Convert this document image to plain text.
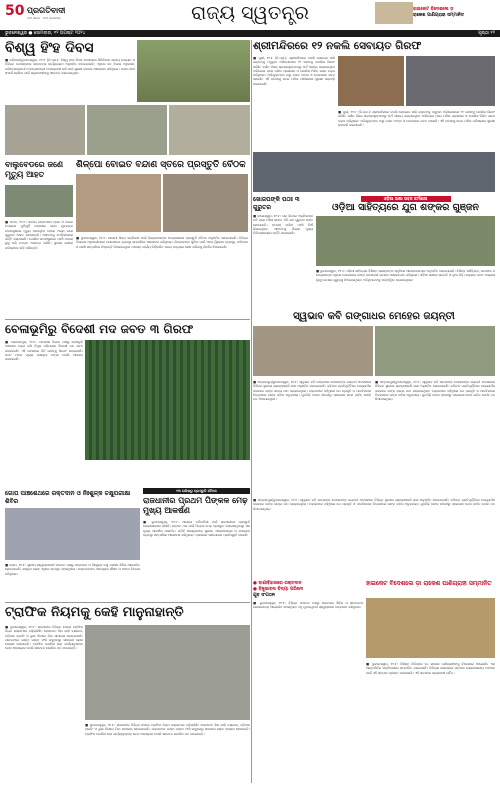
50 ପ୍ରଗତିବାଦୀ
ଆମ ସମାଜ · ଆମ ପ୍ରକାଶନ	ରାଜ୍ୟ ସ୍ୱତନ୍ତ୍ର	ହାଇକେଟ ବିଦେଶଲେ ଡ଼
ରାକେଶ ପାଣିଗ୍ରାହୀ ସମ୍ମାନିତ
ଭୁବନେଶ୍ୱର ● ସୋମବାର, ୧୨ ଅଗଷ୍ଟ ୨୦୨୪	ପୃଷ୍ଠା ୧୨
ବିଶ୍ୱ ହିଂହ ଦିବସ
■ ବାରିପଦା/ଭୁବନେଶ୍ୱର, ୧୧।୮ (ନି.ପ୍ର.): ବିଶ୍ୱ ହାତୀ ଦିବସ ଅବସରରେ ସିମିଳିପାଳ ଜାତୀୟ ଉଦ୍ୟାନ ଓ ବିଭିନ୍ନ ବନଖଣ୍ଡରେ ସଚେତନତା କାର୍ଯ୍ୟକ୍ରମ ଅନୁଷ୍ଠିତ ହୋଇଯାଇଛି। ଏଥିରେ ବନ ବିଭାଗ ଅଧିକାରୀ, ପରିବେଶପ୍ରେମୀ ଓ ଛାତ୍ରଛାତ୍ରୀ ଅଂଶଗ୍ରହଣ କରି ହାତୀ ସୁରକ୍ଷା ଉପରେ ଆଲୋଚନା କରିଥିଲେ। ମାନବ-ହାତୀ ସଂଘର୍ଷ ରୋକିବା ପାଇଁ ଗ୍ରାମବାସୀଙ୍କୁ ସଚେତନ କରାଯାଇଥିଲା।
ଶ୍ରୀମନ୍ଦିରରେ ୧୨ ନକଲି ସେବାୟତ ଗିରଫ
■ ପୁରୀ, ୧୧।୮ (ନି.ପ୍ର.): ଶ୍ରୀମନ୍ଦିରରେ ନକଲି ସେବାୟତ ସାଜି ଭକ୍ତଙ୍କୁ ଠକୁଥିବା ଅଭିଯୋଗରେ ୧୨ ଜଣଙ୍କୁ ପୋଲିସ ଗିରଫ କରିଛି। ଦର୍ଶନ ନାଁରେ ଶ୍ରଦ୍ଧାଳୁଙ୍କଠାରୁ ଅର୍ଥ ଆଦାୟ କରାଯାଉଥିବା ଅଭିଯୋଗ ପରେ ମନ୍ଦିର ପ୍ରଶାସନ ଓ ପୋଲିସ ମିଳିତ ଭାବେ ଚଢ଼ଉ କରିଥିଲେ। ଅଭିଯୁକ୍ତଙ୍କ ଠାରୁ ନଗଦ ଟଙ୍କା ଓ ମୋବାଇଲ ଜବତ ହୋଇଛି। ଏହି ଘଟଣାକୁ ନେଇ ମନ୍ଦିର ପରିସରରେ ସୁରକ୍ଷା କଡ଼ାକଡ଼ି କରାଯାଇଛି।
■ ପୁରୀ, ୧୧।୮ (ନି.ପ୍ର.): ଶ୍ରୀମନ୍ଦିରରେ ନକଲି ସେବାୟତ ସାଜି ଭକ୍ତଙ୍କୁ ଠକୁଥିବା ଅଭିଯୋଗରେ ୧୨ ଜଣଙ୍କୁ ପୋଲିସ ଗିରଫ କରିଛି। ଦର୍ଶନ ନାଁରେ ଶ୍ରଦ୍ଧାଳୁଙ୍କଠାରୁ ଅର୍ଥ ଆଦାୟ କରାଯାଉଥିବା ଅଭିଯୋଗ ପରେ ମନ୍ଦିର ପ୍ରଶାସନ ଓ ପୋଲିସ ମିଳିତ ଭାବେ ଚଢ଼ଉ କରିଥିଲେ। ଅଭିଯୁକ୍ତଙ୍କ ଠାରୁ ନଗଦ ଟଙ୍କା ଓ ମୋବାଇଲ ଜବତ ହୋଇଛି। ଏହି ଘଟଣାକୁ ନେଇ ମନ୍ଦିର ପରିସରରେ ସୁରକ୍ଷା କଡ଼ାକଡ଼ି କରାଯାଇଛି।
ବାଲୁବେଡରେ ଜଣେ ମୃତ୍ୟୁ ଆହତ
■ କଟକ, ୧୧।୮: ଜାତୀୟ ରାଜପଥରେ ଟ୍ରକ ଓ ବାଇକ ମଧ୍ୟରେ ମୁହାଁମୁହିଁ ଧକ୍କାରେ ଜଣେ ଯୁବକଙ୍କ ଘଟଣାସ୍ଥଳରେ ମୃତ୍ୟୁ ହୋଇଥିବା ବେଳେ ଅନ୍ୟ ଜଣେ ଗୁରୁତର ଆହତ ହୋଇଛନ୍ତି। ଆହତଙ୍କୁ ମେଡିକାଲରେ ଭର୍ତ୍ତି କରାଯାଇଛି। ପୋଲିସ ଘଟଣାସ୍ଥଳରେ ପହଞ୍ଚି ମାମଲା ରୁଜୁ କରି ତଦନ୍ତ ଆରମ୍ଭ କରିଛି। ସ୍ଥାନୀୟ ଲୋକେ ଗତିରୋଧକ ଦାବି କରିଛନ୍ତି।
ଶିଳ୍ପୋ ବୋଇତ ବନ୍ଦାଣ ସ୍ତରେ ପ୍ରସ୍ତୁତି ବୈଠକ
■ ଭୁବନେଶ୍ୱର, ୧୧।୮: ଆଗାମୀ ଶିଳ୍ପ ସମ୍ମିଳନୀ ପାଇଁ ଜିଲ୍ଲାପାଳଙ୍କ ଅଧ୍ୟକ୍ଷତାରେ ପ୍ରସ୍ତୁତି ବୈଠକ ଅନୁଷ୍ଠିତ ହୋଇଯାଇଛି। ବିଭିନ୍ନ ବିଭାଗର ଅଧିକାରୀମାନେ ଯୋଗଦେଇ ବ୍ୟବସ୍ଥା ସମ୍ପର୍କରେ ଆଲୋଚନା କରିଥିଲେ। ନିବେଶକଙ୍କ ସୁବିଧା ପାଇଁ ଏକକ ୱିଣ୍ଡୋ ବ୍ୟବସ୍ଥା, ପରିବହନ ଓ ରହଣି ସମ୍ପର୍କରେ ନିଷ୍ପତ୍ତି ନିଆଯାଇଥିଲା। ସମସ୍ତ କାର୍ଯ୍ୟ ନିର୍ଦ୍ଧାରିତ ସମୟ ମଧ୍ୟରେ ଶେଷ କରିବାକୁ ନିର୍ଦ୍ଦେଶ ଦିଆଯାଇଛି।
ଖୋଜପଙ୍କି ପଠଃ ୩ ଗୁରୁତର
■ ବାଲେଶ୍ୱର, ୧୧।୮: ଘର ଭିତରେ ଅଗ୍ନିକାଣ୍ଡ ଘଟି ଜଣେ ମହିଳା ସମେତ ତିନି ଜଣ ଗୁରୁତର ଆହତ ହୋଇଛନ୍ତି। ଦମକଳ ବାହିନୀ ପହଞ୍ଚି ନିଆଁ ଲିଭାଇଥିଲା। ଆହତଙ୍କୁ ଜିଲ୍ଲା ମୁଖ୍ୟ ଚିକିତ୍ସାଳୟରେ ଭର୍ତ୍ତି କରାଯାଇଛି।
ଓଡ଼ିଆ ଭାଷା ଭବନ କର୍ମଶାଳା
ଓଡ଼ିଆ ସାହିତ୍ୟରେ ଯୁଗ ଶଙ୍କର ଗୁଞ୍ଜନ
■ ଭୁବନେଶ୍ୱର, ୧୧।୮: ଓଡ଼ିଆ ସାହିତ୍ୟର ବିଶିଷ୍ଟ ସ୍ରଷ୍ଟାଙ୍କ ସ୍ମୃତିରେ ଆଲୋଚନାଚକ୍ର ଅନୁଷ୍ଠିତ ହୋଇଯାଇଛି। ବିଶିଷ୍ଟ ସାହିତ୍ୟିକ, ଗବେଷକ ଓ ଛାତ୍ରଛାତ୍ରୀ ଏଥିରେ ଯୋଗଦେଇ ତାଙ୍କ ରଚନାବଳୀ ଉପରେ ଆଲୋକପାତ କରିଥିଲେ। ଓଡ଼ିଆ ଭାଷାର ଉନ୍ନତି ଓ ନୂଆ ପିଢ଼ି ମଧ୍ୟରେ ପଠନ ଅଭ୍ୟାସ ବୃଦ୍ଧି ଉପରେ ଗୁରୁତ୍ୱ ଦିଆଯାଇଥିଲା। ଅତିଥିମାନଙ୍କୁ ସମ୍ବର୍ଦ୍ଧିତ କରାଯାଇଥିଲା।
ବେଳାଭୂମିରୁ ବିଦେଶୀ ମଦ ଜବତ ୩ ଗିରଫ
■ ଗୋପାଳପୁର, ୧୧।୮: ଅବକାରୀ ବିଭାଗ ପକ୍ଷରୁ ବେଳାଭୂମି ଅଞ୍ଚଳରେ ଚଢ଼ଉ କରି ବିପୁଳ ପରିମାଣର ବିଦେଶୀ ମଦ ଜବତ କରାଯାଇଛି। ଏହି ଘଟଣାରେ ତିନି ଜଣଙ୍କୁ ଗିରଫ କରାଯାଇଛି। ଜବତ ମଦର ମୂଲ୍ୟ ଲକ୍ଷାଧିକ ଟଙ୍କା ବୋଲି ଆକଳନ କରାଯାଇଛି।
ସ୍ୱଭାବ କବି ଗଙ୍ଗାଧର ମେହେର ଜୟନ୍ତୀ
■ ସମ୍ବଲପୁର/ଭୁବନେଶ୍ୱର, ୧୧।୮: ସ୍ୱଭାବ କବି ଗଙ୍ଗାଧର ମେହେରଙ୍କ ଜୟନ୍ତୀ ଅବସରରେ ବିଭିନ୍ନ ସ୍ଥାନରେ ଶ୍ରଦ୍ଧାଞ୍ଜଳି ସଭା ଅନୁଷ୍ଠିତ ହୋଇଯାଇଛି। କବିଙ୍କ ପ୍ରତିମୂର୍ତ୍ତିରେ ମାଲ୍ୟାର୍ପଣ କରାଯାଇ ତାଙ୍କ କାବ୍ୟ ପାଠ କରାଯାଇଥିଲା। ବକ୍ତାମାନେ କହିଥିଲେ ଯେ ପ୍ରକୃତି ଓ ମାନବିକତାର ଚିତ୍ରଣରେ ତାଙ୍କ କବିତା ଅତୁଳନୀୟ। ଯୁବପିଢ଼ି ତାଙ୍କ ଜୀବନୀରୁ ପ୍ରେରଣା ନେବା ଉଚିତ ବୋଲି ମତ ଦିଆଯାଇଥିଲା।
■ ସମ୍ବଲପୁର/ଭୁବନେଶ୍ୱର, ୧୧।୮: ସ୍ୱଭାବ କବି ଗଙ୍ଗାଧର ମେହେରଙ୍କ ଜୟନ୍ତୀ ଅବସରରେ ବିଭିନ୍ନ ସ୍ଥାନରେ ଶ୍ରଦ୍ଧାଞ୍ଜଳି ସଭା ଅନୁଷ୍ଠିତ ହୋଇଯାଇଛି। କବିଙ୍କ ପ୍ରତିମୂର୍ତ୍ତିରେ ମାଲ୍ୟାର୍ପଣ କରାଯାଇ ତାଙ୍କ କାବ୍ୟ ପାଠ କରାଯାଇଥିଲା। ବକ୍ତାମାନେ କହିଥିଲେ ଯେ ପ୍ରକୃତି ଓ ମାନବିକତାର ଚିତ୍ରଣରେ ତାଙ୍କ କବିତା ଅତୁଳନୀୟ। ଯୁବପିଢ଼ି ତାଙ୍କ ଜୀବନୀରୁ ପ୍ରେରଣା ନେବା ଉଚିତ ବୋଲି ମତ ଦିଆଯାଇଥିଲା।
ଗୋପ ପାଞ୍ଚଶେଥରେ ରକ୍ତଦାନ ଓ ନିଃଶୁଳ୍କ ଚକ୍ଷୁପରୀକ୍ଷା ଶିବିର
■ ଗୋପ, ୧୧।୮: ସ୍ଥାନୀୟ ସ୍ୱେଚ୍ଛାସେବୀ ସଂଗଠନ ପକ୍ଷରୁ ରକ୍ତଦାନ ଓ ନିଃଶୁଳ୍କ ଚକ୍ଷୁ ପରୀକ୍ଷା ଶିବିର ଆୟୋଜିତ ହୋଇଯାଇଛି। ଶତାଧିକ ଲୋକ ଏଥିରେ ଉପକୃତ ହୋଇଥିଲେ। ଡାକ୍ତରମାନେ ଆବଶ୍ୟକ ଔଷଧ ଓ ଚଷମା ବିତରଣ କରିଥିଲେ।
୧୩ ତାରିଖରୁ ପ୍ରସ୍ତୁତି ବୈଠକ
ରାଜଧାନୀର ପ୍ରଥମ ପିଙ୍କଳ ମେଢ଼ ମୁଖ୍ୟ ଆକର୍ଷଣ
■ ଭୁବନେଶ୍ୱର, ୧୧।୮: ଆସନ୍ତା ପର୍ବପର୍ବାଣୀ ପାଇଁ ରାଜଧାନୀରେ ପ୍ରସ୍ତୁତି ଜୋରସୋରରେ ଚାଲିଛି। ପ୍ରଥମ ଥର ପାଇଁ ପିତ୍ତଳ ମେଢ଼ ପ୍ରସ୍ତୁତ କରାଯାଉଥିବାରୁ ଏହା ମୁଖ୍ୟ ଆକର୍ଷଣ ପାଲଟିବ। କମିଟି ସଦସ୍ୟମାନେ ସୁରକ୍ଷା, ଆଲୋକସଜ୍ଜା ଓ ଯାତାୟାତ ବ୍ୟବସ୍ଥା ସମ୍ପର୍କରେ ଆଲୋଚନା କରିଥିଲେ। ପ୍ରଶାସନ ସହଯୋଗର ପ୍ରତିଶ୍ରୁତି ଦେଇଛି।
■ ସମ୍ବଲପୁର/ଭୁବନେଶ୍ୱର, ୧୧।୮: ସ୍ୱଭାବ କବି ଗଙ୍ଗାଧର ମେହେରଙ୍କ ଜୟନ୍ତୀ ଅବସରରେ ବିଭିନ୍ନ ସ୍ଥାନରେ ଶ୍ରଦ୍ଧାଞ୍ଜଳି ସଭା ଅନୁଷ୍ଠିତ ହୋଇଯାଇଛି। କବିଙ୍କ ପ୍ରତିମୂର୍ତ୍ତିରେ ମାଲ୍ୟାର୍ପଣ କରାଯାଇ ତାଙ୍କ କାବ୍ୟ ପାଠ କରାଯାଇଥିଲା। ବକ୍ତାମାନେ କହିଥିଲେ ଯେ ପ୍ରକୃତି ଓ ମାନବିକତାର ଚିତ୍ରଣରେ ତାଙ୍କ କବିତା ଅତୁଳନୀୟ। ଯୁବପିଢ଼ି ତାଙ୍କ ଜୀବନୀରୁ ପ୍ରେରଣା ନେବା ଉଚିତ ବୋଲି ମତ ଦିଆଯାଇଥିଲା।
ଟ୍ରାଫିକ ନିୟମକୁ କେହି ମାନୁନାହାନ୍ତି
■ ଭୁବନେଶ୍ୱର, ୧୧।୮: ରାଜଧାନୀର ବିଭିନ୍ନ ଛକରେ ଟ୍ରାଫିକ ନିୟମ ଉଲ୍ଲଂଘନ ବଢ଼ିଚାଲିଛି। ହେଲମେଟ ବିନା ଗାଡ଼ି ଚଳାଇବା, ଟ୍ରିପଲ ରାଇଡିଂ ଓ ଭୁଲ ଦିଗରେ ଯିବା ସାଧାରଣ ହୋଇଯାଇଛି। ଯାନଜଟରେ ଘଣ୍ଟା ଘଣ୍ଟା ଫସି ରହୁଥିବାରୁ ସାଧାରଣ ଲୋକ ହଇରାଣ ହେଉଛନ୍ତି। ଟ୍ରାଫିକ ପୋଲିସ କଡ଼ା କାର୍ଯ୍ୟାନୁଷ୍ଠାନ ନେବା ଆବଶ୍ୟକ ବୋଲି ସଚେତନ ନାଗରିକ ମତ ଦେଇଛନ୍ତି।
■ ଭୁବନେଶ୍ୱର, ୧୧।୮: ରାଜଧାନୀର ବିଭିନ୍ନ ଛକରେ ଟ୍ରାଫିକ ନିୟମ ଉଲ୍ଲଂଘନ ବଢ଼ିଚାଲିଛି। ହେଲମେଟ ବିନା ଗାଡ଼ି ଚଳାଇବା, ଟ୍ରିପଲ ରାଇଡିଂ ଓ ଭୁଲ ଦିଗରେ ଯିବା ସାଧାରଣ ହୋଇଯାଇଛି। ଯାନଜଟରେ ଘଣ୍ଟା ଘଣ୍ଟା ଫସି ରହୁଥିବାରୁ ସାଧାରଣ ଲୋକ ହଇରାଣ ହେଉଛନ୍ତି। ଟ୍ରାଫିକ ପୋଲିସ କଡ଼ା କାର୍ଯ୍ୟାନୁଷ୍ଠାନ ନେବା ଆବଶ୍ୟକ ବୋଲି ସଚେତନ ନାଗରିକ ମତ ଦେଇଛନ୍ତି।
● ବାଣୀବିହାରରେ ରକ୍ତଦାନ
● ବିଜୁଭାବନା ବିଦ୍ୟା ପରିଷଦ
ଯୁବ ସଂଗଠନ
■ ଭୁବନେଶ୍ୱର, ୧୧।୮: ବିଭିନ୍ନ ସଂଗଠନ ପକ୍ଷରୁ ରକ୍ତଦାନ ଶିବିର ଓ ସଚେତନତା ଶୋଭାଯାତ୍ରା ଆୟୋଜିତ ହୋଇଥିଲା। ବହୁ ଯୁବକଯୁବତୀ ସ୍ୱେଚ୍ଛାରେ ରକ୍ତଦାନ କରିଥିଲେ।
ହାଇକେଟ ବିଦେଶଲେ ଡ଼ା ରାକେଶ ପାଣିଗ୍ରାହୀ ସମ୍ମାନିତ
■ ଭୁବନେଶ୍ୱର, ୧୧।୮: ବିଶିଷ୍ଟ ଚିକିତ୍ସକ ଡ଼ା. ରାକେଶ ପାଣିଗ୍ରାହୀଙ୍କୁ ବିଦେଶରେ ଆୟୋଜିତ ଏକ ଆନ୍ତର୍ଜାତିକ ସମ୍ମିଳନୀରେ ସମ୍ମାନିତ କରାଯାଇଛି। ଚିକିତ୍ସା କ୍ଷେତ୍ରରେ ତାଙ୍କର ଉଲ୍ଲେଖନୀୟ ଅବଦାନ ପାଇଁ ଏହି ସମ୍ମାନ ପ୍ରଦାନ କରାଯାଇଛି। ଏହି ଖବରରେ ରାଜ୍ୟବାସୀ ଗର୍ବିତ।
